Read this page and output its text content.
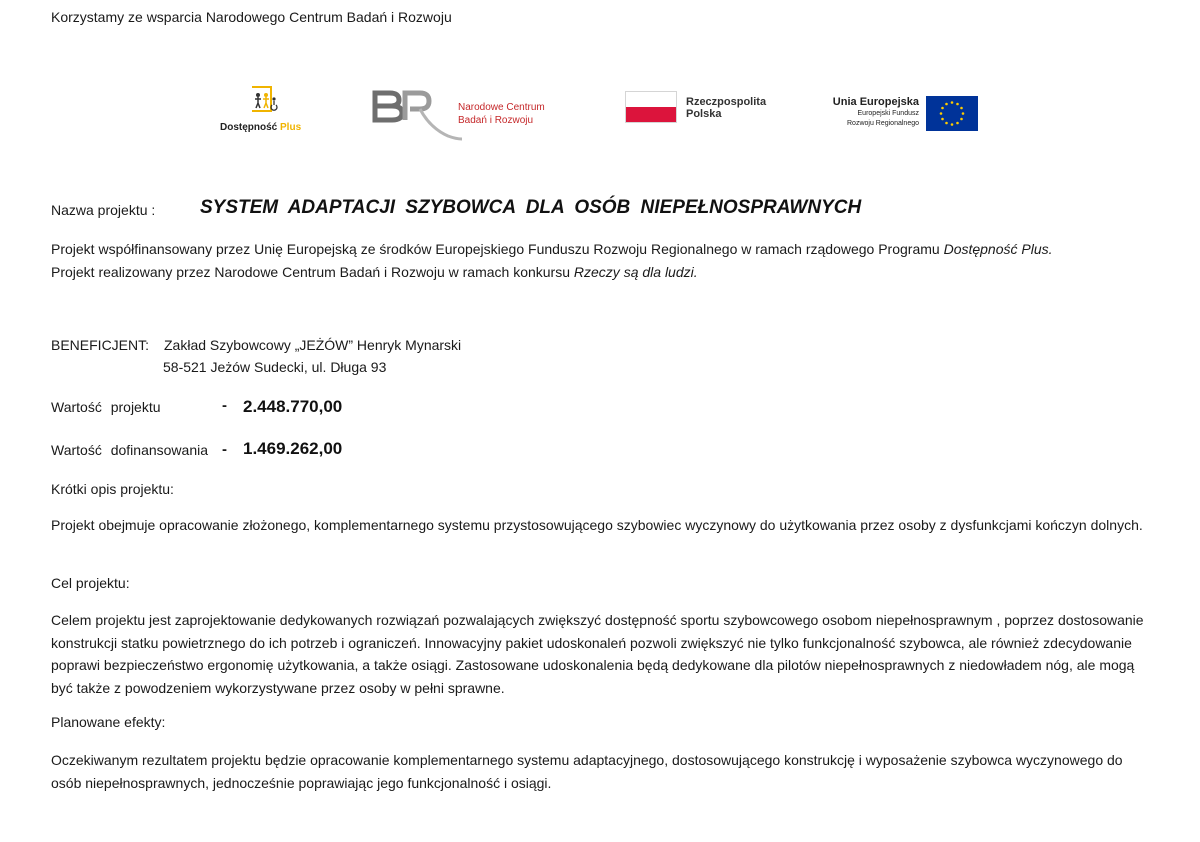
Korzystamy ze wsparcia Narodowego Centrum Badań i Rozwoju
Dostępność Plus
Narodowe Centrum
Badań i Rozwoju
Rzeczpospolita
Polska
Unia Europejska
Europejski Fundusz
Rozwoju Regionalnego
Nazwa projektu : SYSTEM ADAPTACJI SZYBOWCA DLA OSÓB NIEPEŁNOSPRAWNYCH
Projekt współfinansowany przez Unię Europejską ze środków Europejskiego Funduszu Rozwoju Regionalnego w ramach rządowego Programu Dostępność Plus.
Projekt realizowany przez Narodowe Centrum Badań i Rozwoju w ramach konkursu Rzeczy są dla ludzi.
BENEFICJENT: Zakład Szybowcowy „JEŻÓW” Henryk Mynarski
58-521 Jeżów Sudecki, ul. Długa 93
Wartość projektu	- 2.448.770,00
Wartość dofinansowania - 1.469.262,00
Krótki opis projektu:
Projekt obejmuje opracowanie złożonego, komplementarnego systemu przystosowującego szybowiec wyczynowy do użytkowania przez osoby z dysfunkcjami kończyn dolnych.
Cel projektu:
Celem projektu jest zaprojektowanie dedykowanych rozwiązań pozwalających zwiększyć dostępność sportu szybowcowego osobom niepełnosprawnym , poprzez dostosowanie konstrukcji statku powietrznego do ich potrzeb i ograniczeń. Innowacyjny pakiet udoskonaleń pozwoli zwiększyć nie tylko funkcjonalność szybowca, ale również zdecydowanie poprawi bezpieczeństwo ergonomię użytkowania, a także osiągi. Zastosowane udoskonalenia będą dedykowane dla pilotów niepełnosprawnych z niedowładem nóg, ale mogą być także z powodzeniem wykorzystywane przez osoby w pełni sprawne.
Planowane efekty:
Oczekiwanym rezultatem projektu będzie opracowanie komplementarnego systemu adaptacyjnego, dostosowującego konstrukcję i wyposażenie szybowca wyczynowego do osób niepełnosprawnych, jednocześnie poprawiając jego funkcjonalność i osiągi.
